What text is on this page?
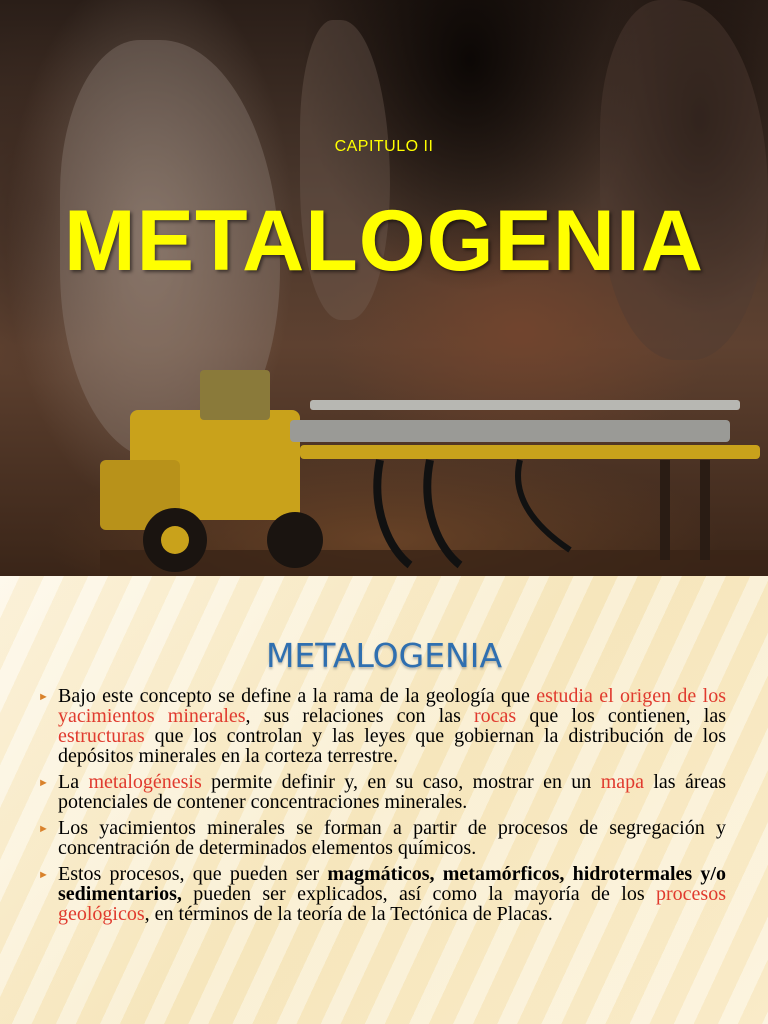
CAPITULO II
METALOGENIA
METALOGENIA
► Bajo este concepto se define a la rama de la geología que estudia el origen de los yacimientos minerales, sus relaciones con las rocas que los contienen, las estructuras que los controlan y las leyes que gobiernan la distribución de los depósitos minerales en la corteza terrestre.
► La metalogénesis permite definir y, en su caso, mostrar en un mapa las áreas potenciales de contener concentraciones minerales.
► Los yacimientos minerales se forman a partir de procesos de segregación y concentración de determinados elementos químicos.
► Estos procesos, que pueden ser magmáticos, metamórficos, hidrotermales y/o sedimentarios, pueden ser explicados, así como la mayoría de los procesos geológicos, en términos de la teoría de la Tectónica de Placas.
